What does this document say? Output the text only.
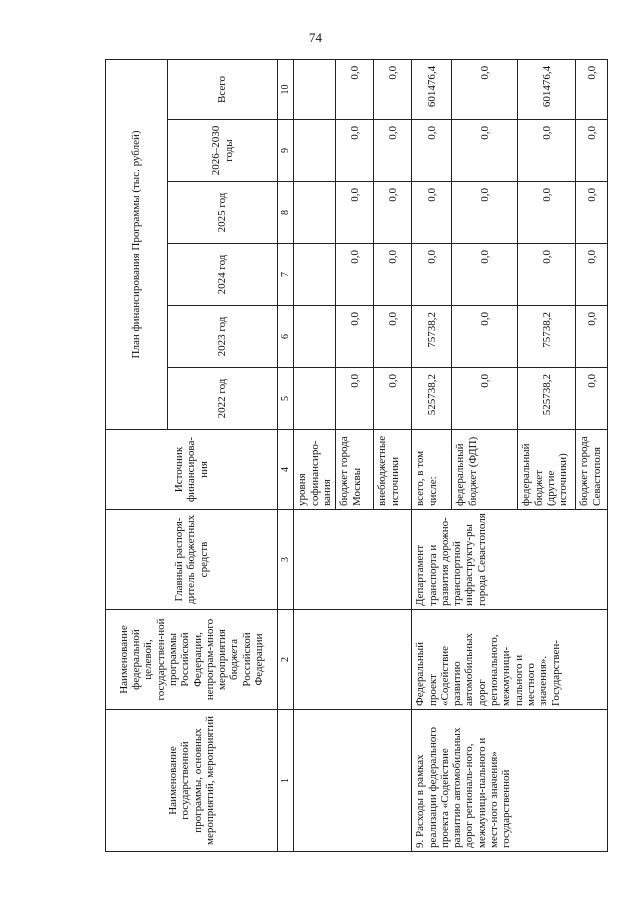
74
Наименование государственной программы, основных мероприятий, мероприятий	Наименование федеральной целевой, государствен-ной программы Российской Федерации, непрограм-много мероприятия бюджета Российской Федерации	Главный распоря-дитель бюджетных средств	Источник финансирова-ния	План финансирования Программы (тыс. рублей)					
				2022 год	2023 год	2024 год	2025 год	2026–2030 годы	Всего
1	2	3	4	5	6	7	8	9	10
			уровня софинансиро-вания						
			бюджет города Москвы	0,0	0,0	0,0	0,0	0,0	0,0
			внебюджетные источники	0,0	0,0	0,0	0,0	0,0	0,0
9. Расходы в рамках реализации федерального проекта «Содействие развитию автомобильных дорог региональ-ного, межмуници-пального и мест-ного значения» государственной	Федеральный проект «Содействие развитию автомобильных дорог регионального, межмуници-пального и местного значения». Государствен-	Департамент транспорта и развития дорожно-транспортной инфраструкту-ры города Севастополя	всего, в том числе:	525738,2	75738,2	0,0	0,0	0,0	601476,4
			федеральный бюджет (ФДП)	0,0	0,0	0,0	0,0	0,0	0,0
			федеральный бюджет (другие источники)	525738,2	75738,2	0,0	0,0	0,0	601476,4
			бюджет города Севастополя	0,0	0,0	0,0	0,0	0,0	0,0
